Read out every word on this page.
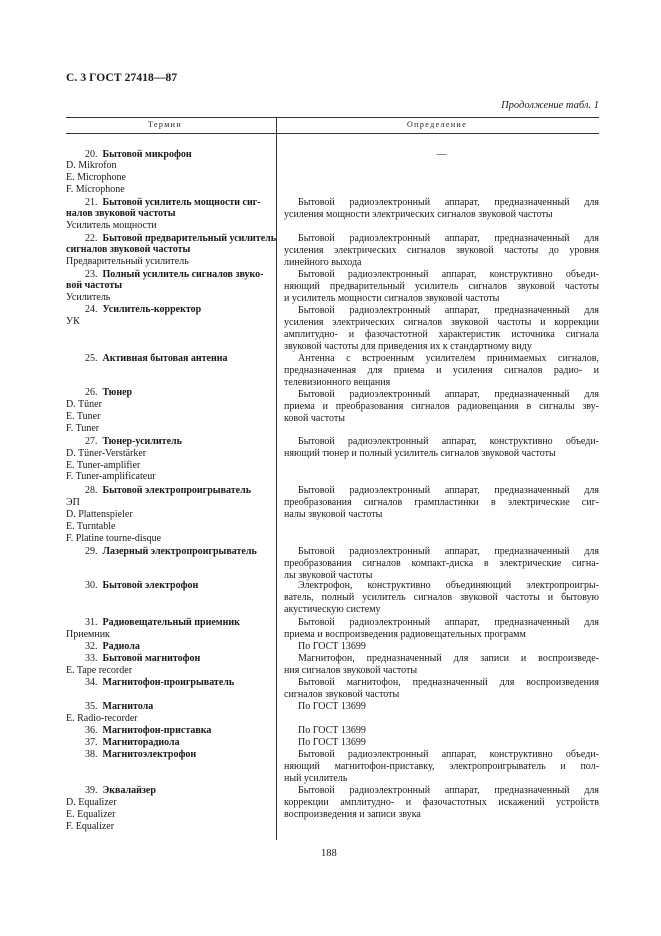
С. 3 ГОСТ 27418—87
Продолжение табл. 1
Термин	Определение
20. Бытовой микрофон
D. Mikrofon
E. Microphone
F. Microphone
21. Бытовой усилитель мощности сиг-
налов звуковой частоты
Усилитель мощности
22. Бытовой предварительный усилитель
сигналов звуковой частоты
Предварительный усилитель
23. Полный усилитель сигналов звуко-
вой частоты
Усилитель
24. Усилитель-корректор
УК
25. Активная бытовая антенна
26. Тюнер
D. Tüner
E. Tuner
F. Tuner
27. Тюнер-усилитель
D. Tüner-Verstärker
E. Tuner-amplifier
F. Tuner-amplificateur
28. Бытовой электропроигрыватель
ЭП
D. Plattenspieler
E. Turntable
F. Platine tourne-disque
29. Лазерный электропроигрыватель
30. Бытовой электрофон
31. Радиовещательный приемник
Приемник
32. Радиола
33. Бытовой магнитофон
E. Tape recorder
34. Магнитофон-проигрыватель
35. Магнитола
E. Radio-recorder
36. Магнитофон-приставка
37. Магниторадиола
38. Магнитоэлектрофон
39. Эквалайзер
D. Equalizer
E. Equalizer
F. Equalizer
—
Бытовой радиоэлектронный аппарат, предназначенный для
усиления мощности электрических сигналов звуковой частоты
Бытовой радиоэлектронный аппарат, предназначенный для
усиления электрических сигналов звуковой частоты до уровня
линейного выхода
Бытовой радиоэлектронный аппарат, конструктивно объеди-
няющий предварительный усилитель сигналов звуковой частоты
и усилитель мощности сигналов звуковой частоты
Бытовой радиоэлектронный аппарат, предназначенный для
усиления электрических сигналов звуковой частоты и коррекции
амплитудно- и фазочастотной характеристик источника сигнала
звуковой частоты для приведения их к стандартному виду
Антенна с встроенным усилителем принимаемых сигналов,
предназначенная для приема и усиления сигналов радио- и
телевизионного вещания
Бытовой радиоэлектронный аппарат, предназначенный для
приема и преобразования сигналов радиовещания в сигналы зву-
ковой частоты
Бытовой радиоэлектронный аппарат, конструктивно объеди-
няющий тюнер и полный усилитель сигналов звуковой частоты
Бытовой радиоэлектронный аппарат, предназначенный для
преобразования сигналов грампластинки в электрические сиг-
налы звуковой частоты
Бытовой радиоэлектронный аппарат, предназначенный для
преобразования сигналов компакт-диска в электрические сигна-
лы звуковой частоты
Электрофон, конструктивно объединяющий электропроигры-
ватель, полный усилитель сигналов звуковой частоты и бытовую
акустическую систему
Бытовой радиоэлектронный аппарат, предназначенный для
приема и воспроизведения радиовещательных программ
По ГОСТ 13699
Магнитофон, предназначенный для записи и воспроизведе-
ния сигналов звуковой частоты
Бытовой магнитофон, предназначенный для воспроизведения
сигналов звуковой частоты
По ГОСТ 13699
По ГОСТ 13699
По ГОСТ 13699
Бытовой радиоэлектронный аппарат, конструктивно объеди-
няющий магнитофон-приставку, электропроигрыватель и пол-
ный усилитель
Бытовой радиоэлектронный аппарат, предназначенный для
коррекции амплитудно- и фазочастотных искажений устройств
воспроизведения и записи звука
188
